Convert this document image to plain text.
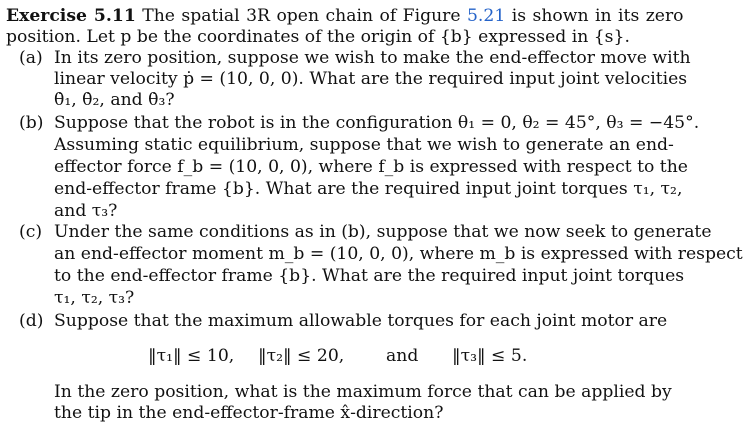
Exercise 5.11 The spatial 3R open chain of Figure 5.21 is shown in its zero
position. Let p be the coordinates of the origin of {b} expressed in {s}.
(a) In its zero position, suppose we wish to make the end-effector move with
linear velocity ṗ = (10, 0, 0). What are the required input joint velocities
θ̇₁, θ̇₂, and θ̇₃?
(b) Suppose that the robot is in the configuration θ₁ = 0, θ₂ = 45°, θ₃ = −45°.
Assuming static equilibrium, suppose that we wish to generate an end-
effector force f_b = (10, 0, 0), where f_b is expressed with respect to the
end-effector frame {b}. What are the required input joint torques τ₁, τ₂,
and τ₃?
(c) Under the same conditions as in (b), suppose that we now seek to generate
an end-effector moment m_b = (10, 0, 0), where m_b is expressed with respect
to the end-effector frame {b}. What are the required input joint torques
τ₁, τ₂, τ₃?
(d) Suppose that the maximum allowable torques for each joint motor are
‖τ₁‖ ≤ 10, ‖τ₂‖ ≤ 20, and ‖τ₃‖ ≤ 5.
In the zero position, what is the maximum force that can be applied by
the tip in the end-effector-frame x̂-direction?
